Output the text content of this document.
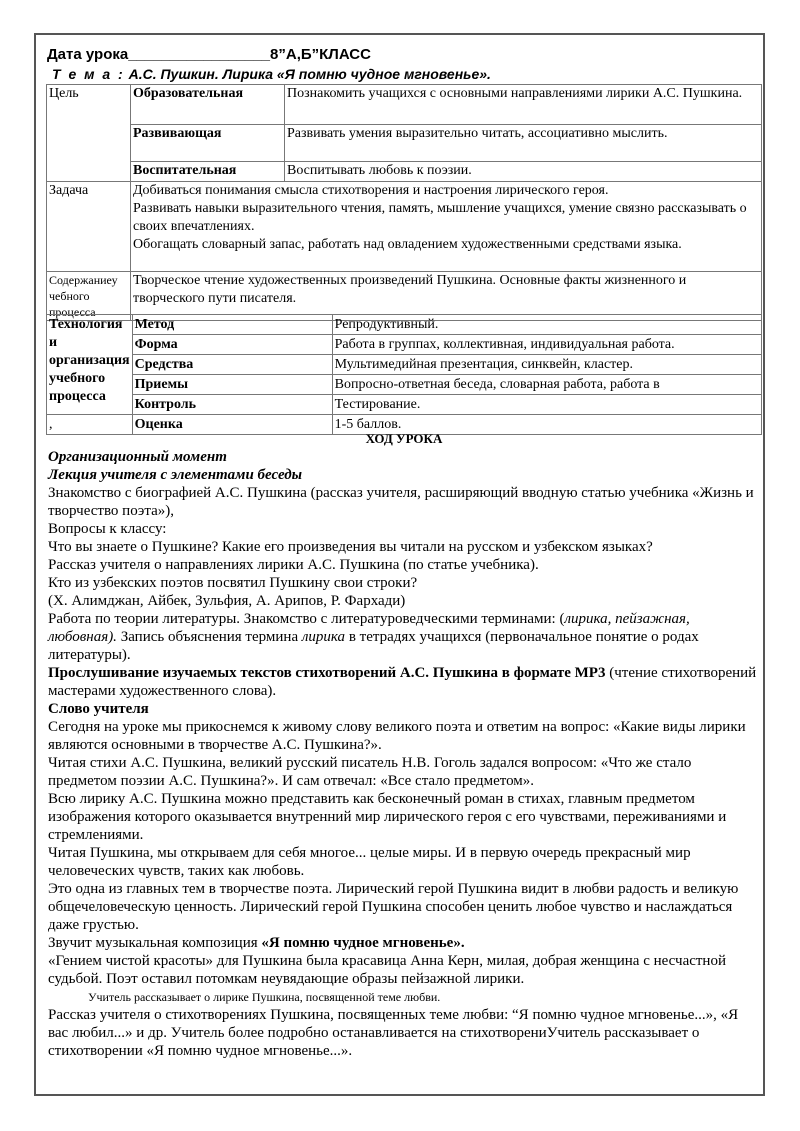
Дата урока_________________8”А,Б”КЛАСС
Т е м а : А.С. Пушкин. Лирика «Я помню чудное мгновенье».
Цель	Образовательная	Познакомить учащихся с основными направлениями лирики А.С. Пушкина.
	Развивающая	Развивать умения выразительно читать, ассоциативно мыслить.
	Воспитательная	Воспитывать любовь к поэзии.
Задача	Добиваться понимания смысла стихотворения и настроения лирического героя.
Развивать навыки выразительного чтения, память, мышление учащихся, умение связно рассказывать о своих впечатлениях.
Обогащать словарный запас, работать над овладением художественными средствами языка.	

Содержаниеу чебного процесса	Творческое чтение художественных произведений Пушкина. Основные факты жизненного и творческого пути писателя.	
Технология и организация учебного процесса	Метод	Репродуктивный.
	Форма	Работа в группах, коллективная, индивидуальная работа.
	Средства	Мультимедийная презентация, синквейн, кластер.
	Приемы	Вопросно-ответная беседа, словарная работа, работа в
	Контроль	Тестирование.
,	Оценка	1-5 баллов.

ХОД УРОКА

Организационный момент

Лекция учителя с элементами беседы

Знакомство с биографией А.С. Пушкина (рассказ учителя, расширяющий вводную статью учебника «Жизнь и творчество поэта»),

Вопросы к классу:

Что вы знаете о Пушкине? Какие его произведения вы читали на русском и узбекском языках?

Рассказ учителя о направлениях лирики А.С. Пушкина (по статье учебника).

Кто из узбекских поэтов посвятил Пушкину свои строки?

(Х. Алимджан, Айбек, Зульфия, А. Арипов, Р. Фархади)

Работа по теории литературы. Знакомство с литературоведческими терминами: (лирика, пейзажная, любовная). Запись объяснения термина лирика в тетрадях учащихся (первоначальное понятие о родах литературы).

Прослушивание изучаемых текстов стихотворений А.С. Пушкина в формате МР3 (чтение стихотворений мастерами художественного слова).

Слово учителя

Сегодня на уроке мы прикоснемся к живому слову великого поэта и ответим на вопрос: «Какие виды лирики являются основными в творчестве А.С. Пушкина?».

Читая стихи А.С. Пушкина, великий русский писатель Н.В. Гоголь задался вопросом: «Что же стало предметом поэзии А.С. Пушкина?». И сам отвечал: «Все стало предметом».

Всю лирику А.С. Пушкина можно представить как бесконечный роман в стихах, главным предметом изображения которого оказывается внутренний мир лирического героя с его чувствами, переживаниями и стремлениями.

Читая Пушкина, мы открываем для себя многое... целые миры. И в первую очередь прекрасный мир человеческих чувств, таких как любовь.

Это одна из главных тем в творчестве поэта. Лирический герой Пушкина видит в любви радость и великую общечеловеческую ценность. Лирический герой Пушкина способен ценить любое чувство и наслаждаться даже грустью.

Звучит музыкальная композиция «Я помню чудное мгновенье».

«Гением чистой красоты» для Пушкина была красавица Анна Керн, милая, добрая женщина с несчастной судьбой. Поэт оставил потомкам неувядающие образы пейзажной лирики.

Учитель рассказывает о лирике Пушкина, посвященной теме любви.

Рассказ учителя о стихотворениях Пушкина, посвященных теме любви: “Я помню чудное мгновенье...», «Я вас любил...» и др. Учитель более подробно останавливается на стихотворениУчитель рассказывает о стихотворении «Я помню чудное мгновенье...».
